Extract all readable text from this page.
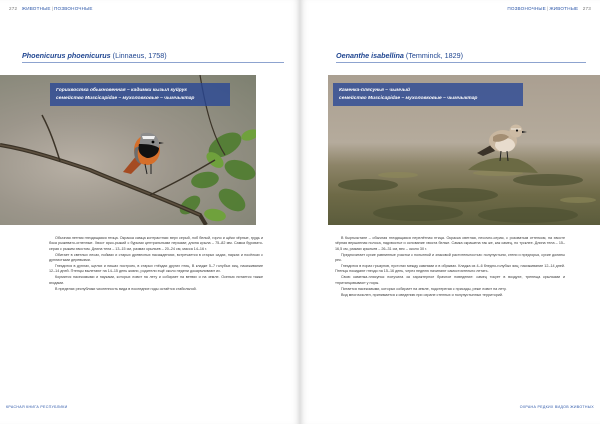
272 ЖИВОТНЫЕ|ПОЗВОНОЧНЫЕ
Phoenicurus phoenicurus (Linnaeus, 1758)
Горихвостка обыкновенная – кадимки кызыл куйрук
семейство Muscicapidae – мухоловковые – чымчыктар

Обычная летняя гнездящаяся птица. Окраска самца контрастная: верх серый, лоб белый, горло и щёки чёрные, грудь и бока рыжевато-огненные. Хвост ярко-рыжий с бурыми центральными перьями; длина крыла – 75–82 мм. Самка буровато-серая с рыжим хвостом. Длина тела – 13–15 см, размах крыльев – 20–24 см, масса 14–16 г.

Обитает в светлых лесах, поймах и старых древесных насаждениях, встречается в старых садах, парках и посёлках с дуплистыми деревьями.

Гнездится в дуплах, щелях и нишах построек, в старых гнёздах других птиц. В кладке 5–7 голубых яиц, насиживание 12–14 дней. Птенцы вылетают на 14–15 день жизни, родители ещё около недели докармливают их.

Кормится насекомыми и пауками, которых ловит на лету и собирает на ветвях и на земле. Осенью питается также ягодами.

В пределах республики численность вида в последние годы остаётся стабильной.

КРАСНАЯ КНИГА РЕСПУБЛИКИ
ПОЗВОНОЧНЫЕ|ЖИВОТНЫЕ 273
Oenanthe isabellina (Temminck, 1829)
Каменка-плясунья – чымчый
семейство Muscicapidae – мухоловковые – чымчыктар

В Кыргызстане – обычная гнездящаяся перелётная птица. Окраска светлая, песочно-серая, с розоватым оттенком, на хвосте чёрная вершинная полоса, надхвостье и основание хвоста белые. Самка окрашена так же, как самец, но тусклее. Длина тела – 15–16,5 см, размах крыльев – 26–31 см, вес – около 30 г.

Предпочитает сухие равнинные участки с полынной и злаковой растительностью: полупустыни, степи и предгорья, сухие долины рек.

Гнездится в норах грызунов, пустотах между камнями и в обрывах. Кладка из 4–6 бледно-голубых яиц; насиживание 12–14 дней. Птенцы покидают гнездо на 15–16 день, через неделю начинают самостоятельно летать.

Свою каменка-плясунья получила за характерное брачное поведение: самец токует в воздухе, трепеща крыльями и «пританцовывая» у норы.

Питается насекомыми, которых собирает на земле, подстерегая с присады, реже ловит на лету.

Вид многочислен, принимается к сведению при охране степных и полупустынных территорий.

ОХРАНА РЕДКИХ ВИДОВ ЖИВОТНЫХ
